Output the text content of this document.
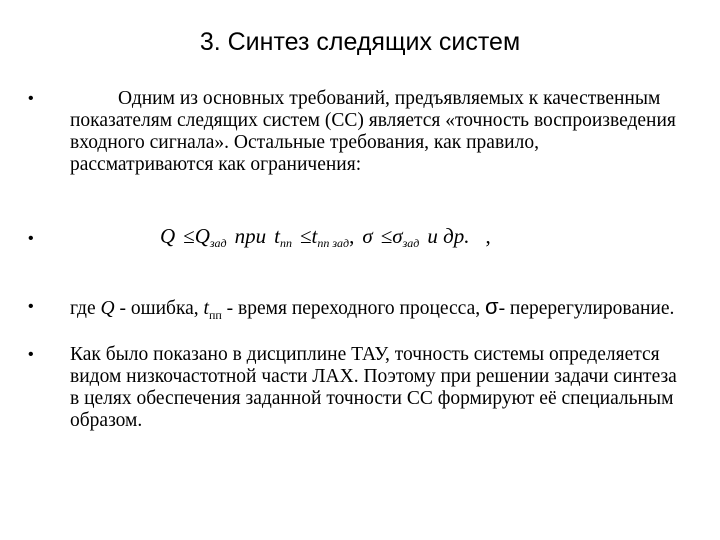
3. Синтез следящих систем
•	Одним из основных требований, предъявляемых к качественным показателям следящих систем (СС) является «точность воспроизведения входного сигнала». Остальные требования, как правило, рассматриваются как ограничения:
•	$Q \le Q_{зад}$ при $t_{пп} \le t_{пп зад}$, $\sigma \le\sigma_{зад}$ и др. ,
•	где Q - ошибка, $t_{пп}$ - время переходного процесса, σ- перерегулирование.
•	Как было показано в дисциплине ТАУ, точность системы определяется видом низкочастотной части ЛАХ. Поэтому при решении задачи синтеза в целях обеспечения заданной точности СС формируют её специальным образом.
